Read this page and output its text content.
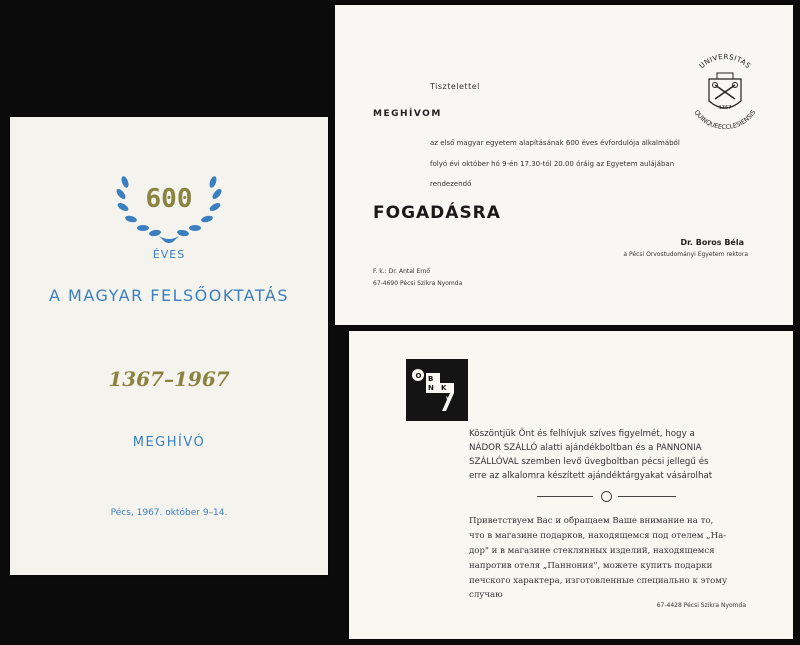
600
ÉVES
A MAGYAR FELSŐOKTATÁS
1367–1967
MEGHÍVÓ
Pécs, 1967. október 9–14.
Tisztelettel
MEGHÍVOM
az első magyar egyetem alapításának 600 éves évfordulója alkalmából
folyó évi október hó 9-én 17.30-tól 20.00 óráig az Egyetem aulájában
rendezendő
FOGADÁSRA
Dr. Boros Béla
a Pécsi Orvostudományi Egyetem rektora
F. k.: Dr. Antal Ernő
67-4690 Pécsi Szikra Nyomda
UNIVERSITAS
QUINQUEECCLESIENSIS
1367
O B
N K
V
Köszöntjük Önt és felhívjuk szíves figyelmét, hogy a
NÁDOR SZÁLLÓ alatti ajándékboltban és a PANNONIA
SZÁLLÓVAL szemben levő üvegboltban pécsi jellegű és
erre az alkalomra készített ajándéktárgyakat vásárolhat
Приветствуем Вас и обращаем Ваше внимание на то,
что в магазине подарков, находящемся под отелем „На-
дор" и в магазине стеклянных изделий, находящемся
напротив отеля „Паннония", можете купить подарки
печского характера, изготовленные специально к этому
случаю
67-4428 Pécsi Szikra Nyomda
